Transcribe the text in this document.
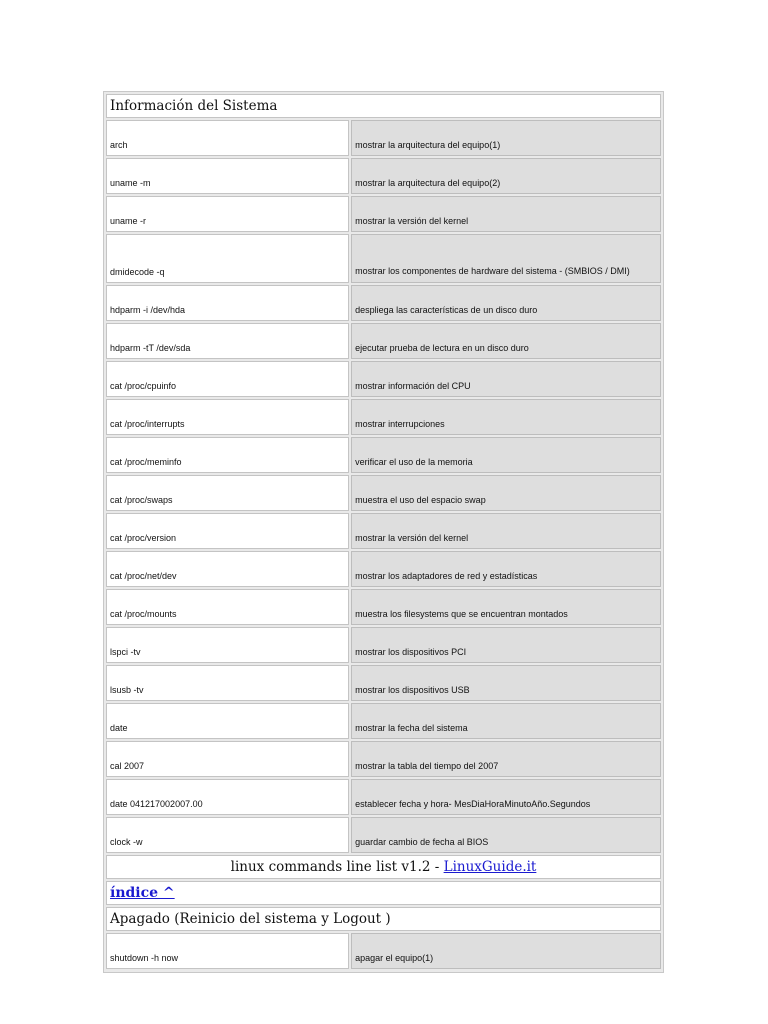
Información del Sistema
arch	mostrar la arquitectura del equipo(1)
uname -m	mostrar la arquitectura del equipo(2)
uname -r	mostrar la versión del kernel
dmidecode -q	mostrar los componentes de hardware del sistema - (SMBIOS / DMI)
hdparm -i /dev/hda	despliega las características de un disco duro
hdparm -tT /dev/sda	ejecutar prueba de lectura en un disco duro
cat /proc/cpuinfo	mostrar información del CPU
cat /proc/interrupts	mostrar interrupciones
cat /proc/meminfo	verificar el uso de la memoria
cat /proc/swaps	muestra el uso del espacio swap
cat /proc/version	mostrar la versión del kernel
cat /proc/net/dev	mostrar los adaptadores de red y estadísticas
cat /proc/mounts	muestra los filesystems que se encuentran montados
lspci -tv	mostrar los dispositivos PCI
lsusb -tv	mostrar los dispositivos USB
date	mostrar la fecha del sistema
cal 2007	mostrar la tabla del tiempo del 2007
date 041217002007.00	establecer fecha y hora- MesDiaHoraMinutoAño.Segundos
clock -w	guardar cambio de fecha al BIOS
linux commands line list v1.2 - LinuxGuide.it
índice ^
Apagado (Reinicio del sistema y Logout )
shutdown -h now	apagar el equipo(1)
